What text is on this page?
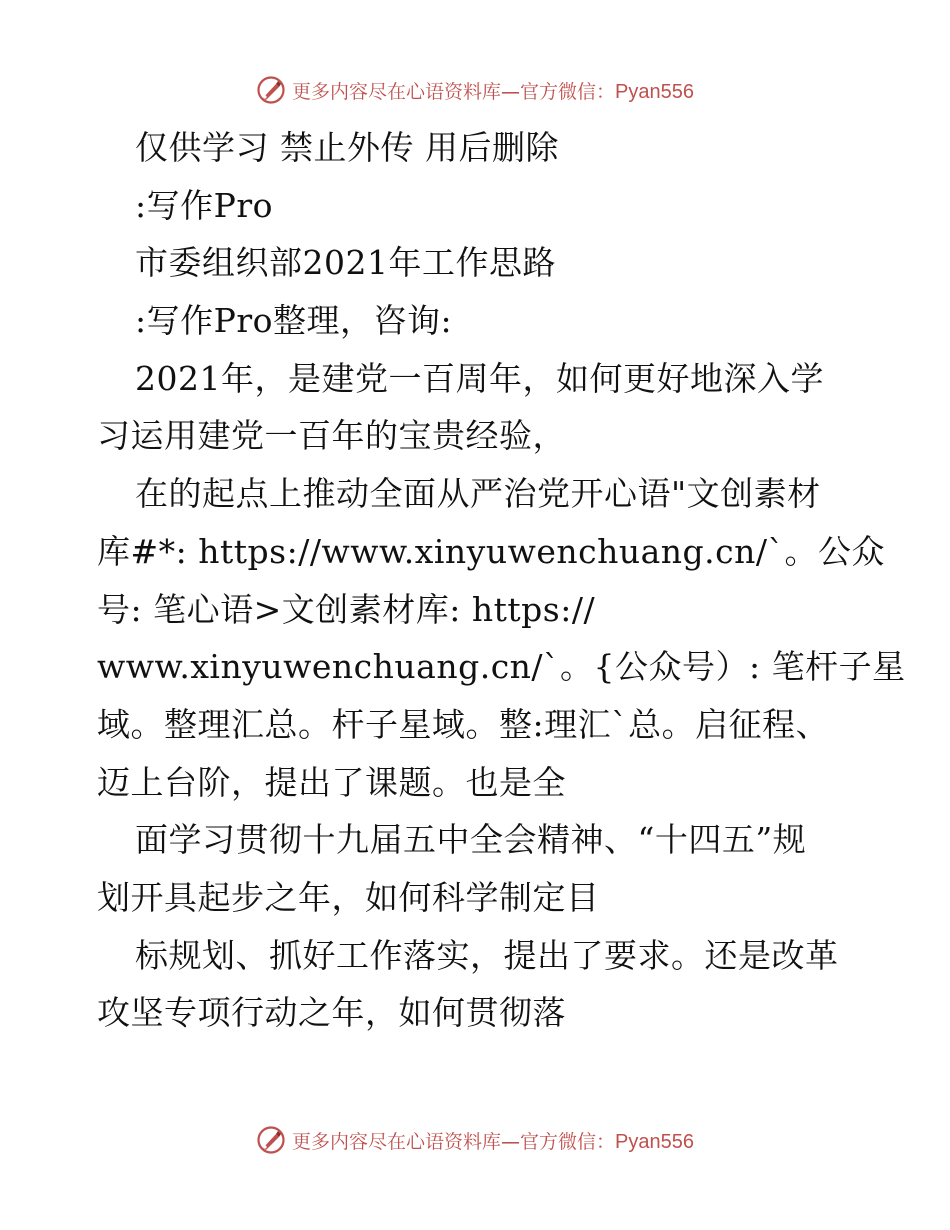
更多内容尽在心语资料库—官方微信：Pyan556
仅供学习 禁止外传 用后删除
:写作Pro
市委组织部2021年工作思路
:写作Pro整理，咨询:
2021年，是建党一百周年，如何更好地深入学
习运用建党一百年的宝贵经验，
在的起点上推动全面从严治党开心语"文创素材
库#*: https://www.xinyuwenchuang.cn/`。公众
号: 笔心语>文创素材库: https://
www.xinyuwenchuang.cn/`。{公众号）: 笔杆子星
域。整理汇总。杆子星域。整:理汇`总。启征程、
迈上台阶，提出了课题。也是全
面学习贯彻十九届五中全会精神、“十四五”规
划开具起步之年，如何科学制定目
标规划、抓好工作落实，提出了要求。还是改革
攻坚专项行动之年，如何贯彻落
更多内容尽在心语资料库—官方微信：Pyan556
